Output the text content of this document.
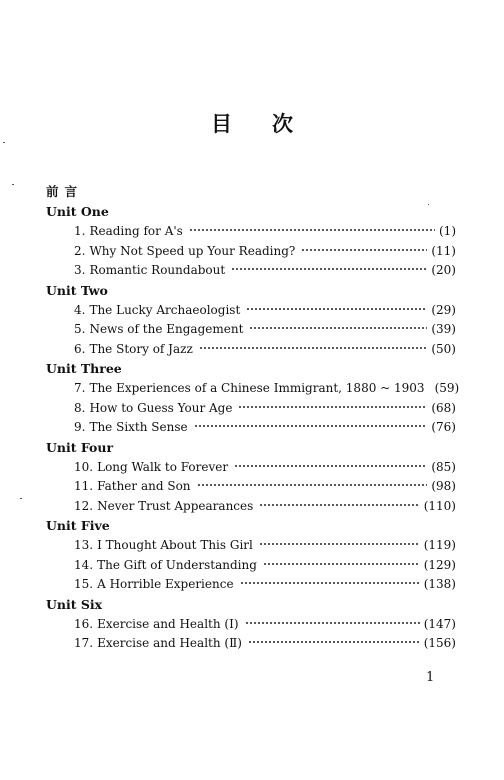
目 次
前言
Unit One
1. Reading for A's	(1)
2. Why Not Speed up Your Reading?	(11)
3. Romantic Roundabout	(20)
Unit Two
4. The Lucky Archaeologist	(29)
5. News of the Engagement	(39)
6. The Story of Jazz	(50)
Unit Three
7. The Experiences of a Chinese Immigrant, 1880 ~ 1903 (59)
8. How to Guess Your Age	(68)
9. The Sixth Sense	(76)
Unit Four
10. Long Walk to Forever	(85)
11. Father and Son	(98)
12. Never Trust Appearances	(110)
Unit Five
13. I Thought About This Girl	(119)
14. The Gift of Understanding	(129)
15. A Horrible Experience	(138)
Unit Six
16. Exercise and Health (Ⅰ)	(147)
17. Exercise and Health (Ⅱ)	(156)
1
